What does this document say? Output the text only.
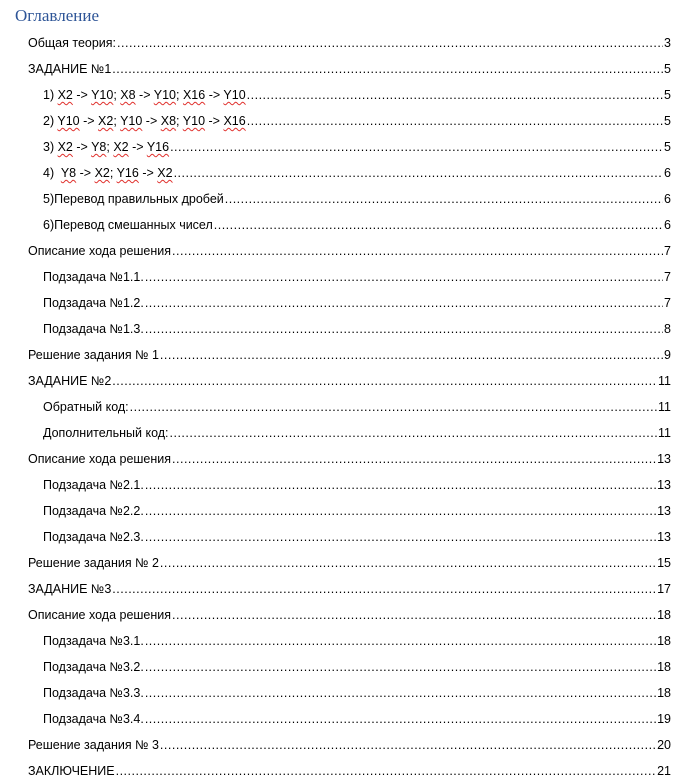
Оглавление
Общая теория: .....	3
ЗАДАНИЕ №1 .....	5
1) X2 -> Y10; X8 -> Y10; X16 -> Y10 .....	5
2) Y10 -> X2; Y10 -> X8; Y10 -> X16 .....	5
3) X2 -> Y8; X2 -> Y16 .....	5
4)  Y8 -> X2; Y16 -> X2 .....	6
5)Перевод правильных дробей .....	6
6)Перевод смешанных чисел .....	6
Описание хода решения .....	7
Подзадача №1.1. .....	7
Подзадача №1.2. .....	7
Подзадача №1.3. .....	8
Решение задания № 1 .....	9
ЗАДАНИЕ №2 .....	11
Обратный код: .....	11
Дополнительный код: .....	11
Описание хода решения .....	13
Подзадача №2.1. .....	13
Подзадача №2.2. .....	13
Подзадача №2.3. .....	13
Решение задания № 2 .....	15
ЗАДАНИЕ №3 .....	17
Описание хода решения .....	18
Подзадача №3.1. .....	18
Подзадача №3.2. .....	18
Подзадача №3.3. .....	18
Подзадача №3.4. .....	19
Решение задания № 3 .....	20
ЗАКЛЮЧЕНИЕ .....	21
